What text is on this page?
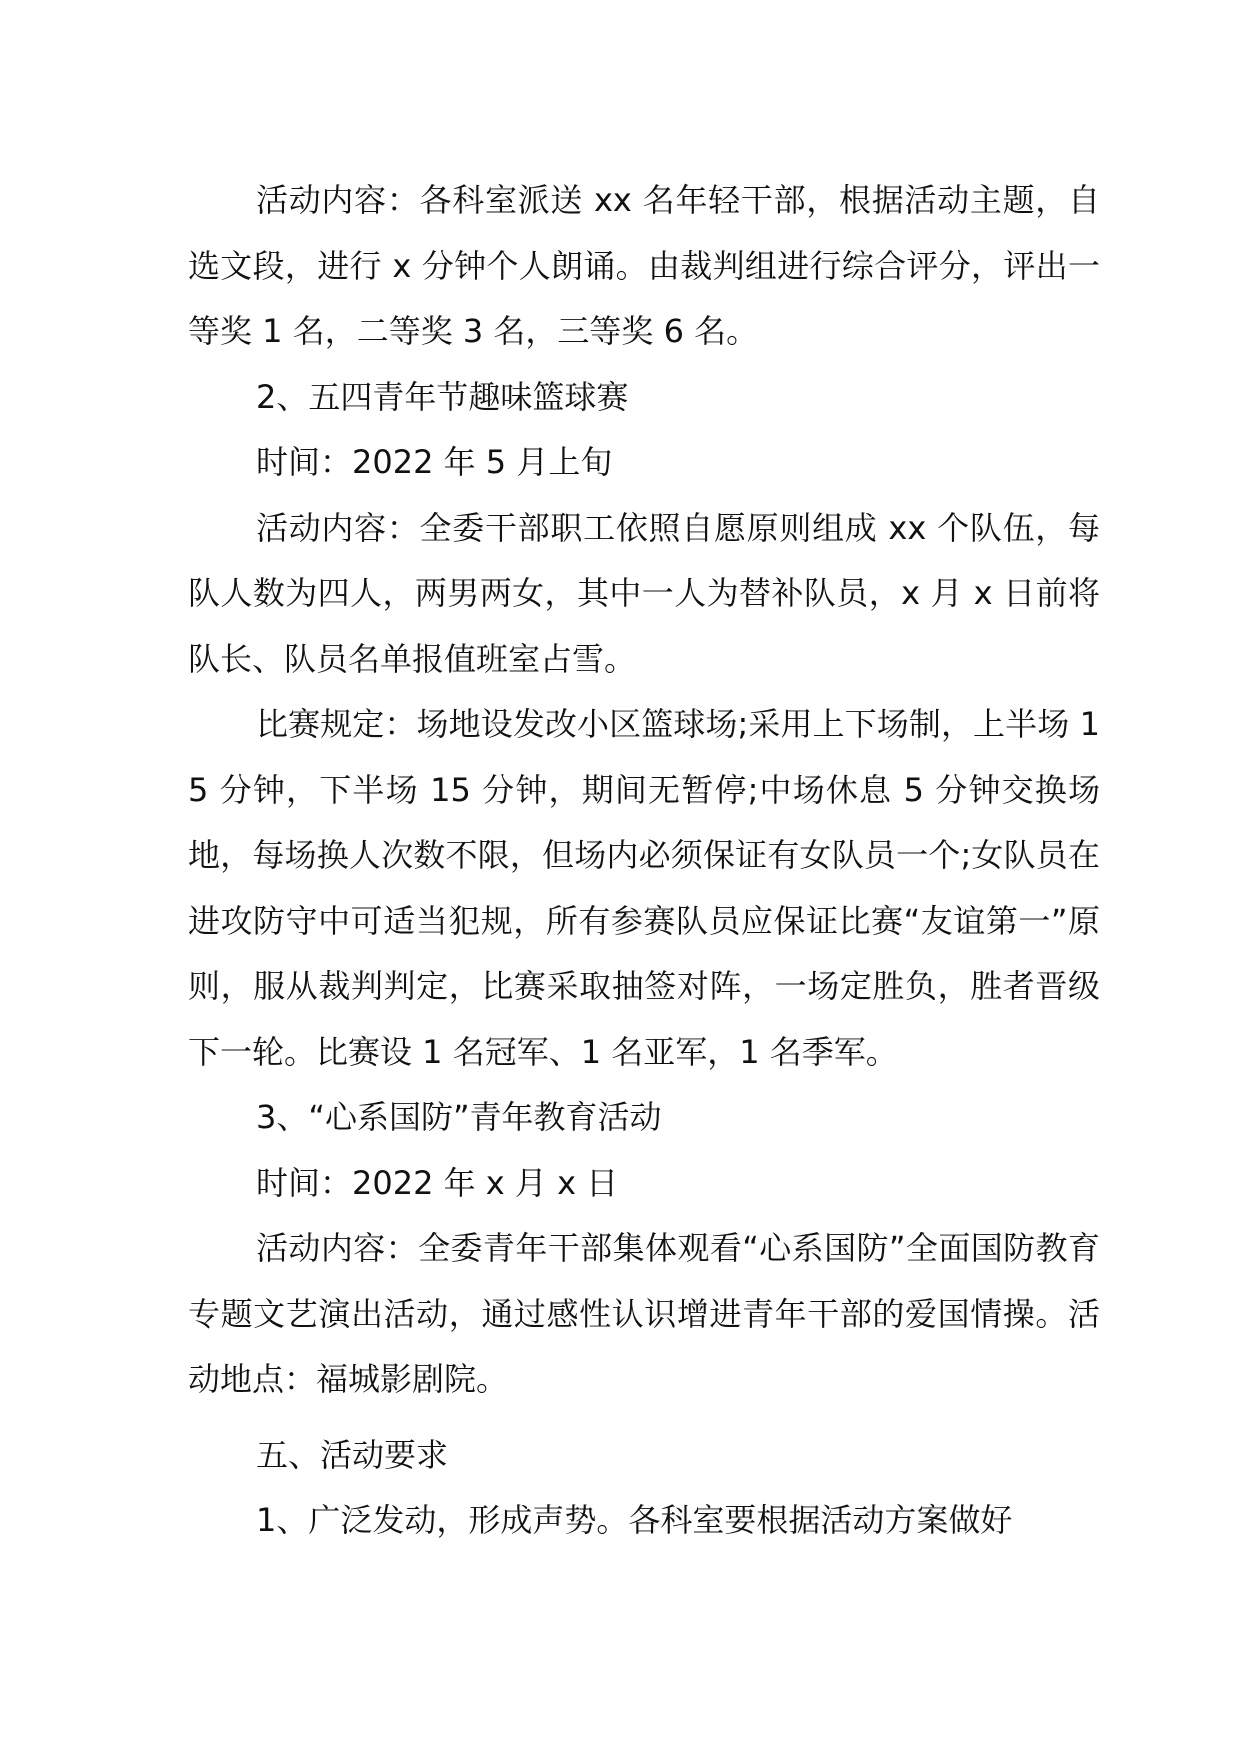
活动内容：各科室派送 xx 名年轻干部，根据活动主题，自选文段，进行 x 分钟个人朗诵。由裁判组进行综合评分，评出一等奖 1 名，二等奖 3 名，三等奖 6 名。

2、五四青年节趣味篮球赛

时间：2022 年 5 月上旬

活动内容：全委干部职工依照自愿原则组成 xx 个队伍，每队人数为四人，两男两女，其中一人为替补队员，x 月 x 日前将队长、队员名单报值班室占雪。

比赛规定：场地设发改小区篮球场;采用上下场制，上半场 15 分钟，下半场 15 分钟，期间无暂停;中场休息 5 分钟交换场地，每场换人次数不限，但场内必须保证有女队员一个;女队员在进攻防守中可适当犯规，所有参赛队员应保证比赛“友谊第一”原则，服从裁判判定，比赛采取抽签对阵，一场定胜负，胜者晋级下一轮。比赛设 1 名冠军、1 名亚军，1 名季军。

3、“心系国防”青年教育活动

时间：2022 年 x 月 x 日

活动内容：全委青年干部集体观看“心系国防”全面国防教育专题文艺演出活动，通过感性认识增进青年干部的爱国情操。活动地点：福城影剧院。

五、活动要求

1、广泛发动，形成声势。各科室要根据活动方案做好
